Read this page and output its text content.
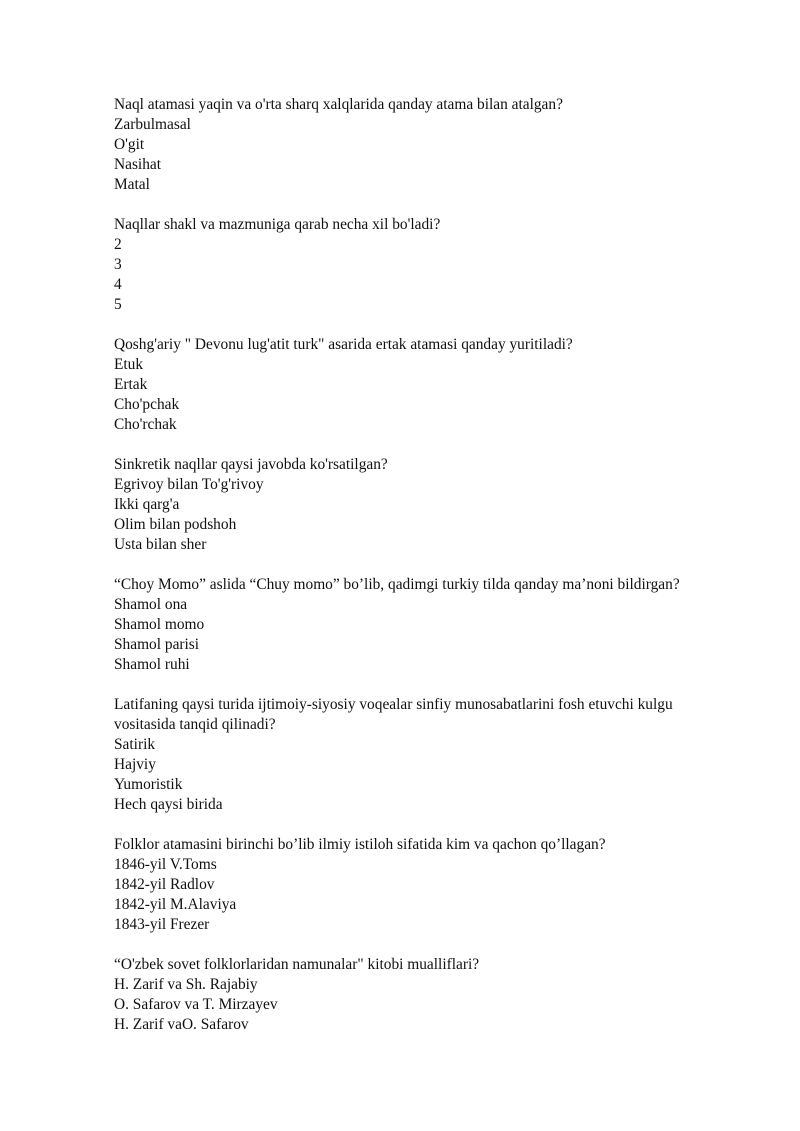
Naql atamasi yaqin va o'rta sharq xalqlarida qanday atama bilan atalgan?
Zarbulmasal
O'git
Nasihat
Matal
Naqllar shakl va mazmuniga qarab necha xil bo'ladi?
2
3
4
5
Qoshg'ariy " Devonu lug'atit turk" asarida ertak atamasi qanday yuritiladi?
Etuk
Ertak
Cho'pchak
Cho'rchak
Sinkretik naqllar qaysi javobda ko'rsatilgan?
Egrivoy bilan To'g'rivoy
Ikki qarg'a
Olim bilan podshoh
Usta bilan sher
“Choy Momo” aslida “Chuy momo” bo’lib, qadimgi turkiy tilda qanday ma’noni bildirgan?
Shamol ona
Shamol momo
Shamol parisi
Shamol ruhi
Latifaning qaysi turida ijtimoiy-siyosiy voqealar sinfiy munosabatlarini fosh etuvchi kulgu vositasida tanqid qilinadi?
Satirik
Hajviy
Yumoristik
Hech qaysi birida
Folklor atamasini birinchi bo’lib ilmiy istiloh sifatida kim va qachon qo’llagan?
1846-yil V.Toms
1842-yil Radlov
1842-yil M.Alaviya
1843-yil Frezer
“O'zbek sovet folklorlaridan namunalar" kitobi mualliflari?
H. Zarif va Sh. Rajabiy
O. Safarov va T. Mirzayev
H. Zarif vaO. Safarov
